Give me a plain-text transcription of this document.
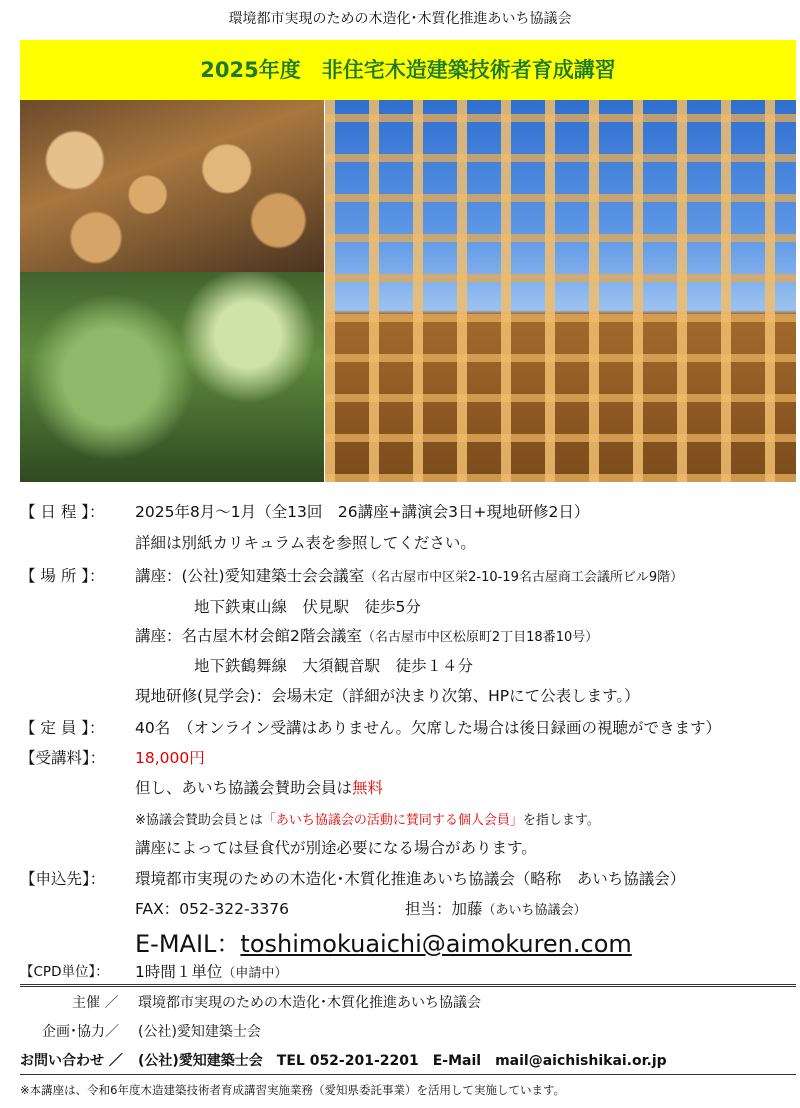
環境都市実現のための木造化･木質化推進あいち協議会
2025年度　非住宅木造建築技術者育成講習
【 日 程 】：	2025年8月～1月（全13回　26講座+講演会3日+現地研修2日）
詳細は別紙カリキュラム表を参照してください。
【 場 所 】：	講座：(公社)愛知建築士会会議室（名古屋市中区栄2-10-19名古屋商工会議所ビル9階）
地下鉄東山線　伏見駅　徒歩5分
講座：名古屋木材会館2階会議室（名古屋市中区松原町2丁目18番10号）
地下鉄鶴舞線　大須観音駅　徒歩１４分
現地研修(見学会)：会場未定（詳細が決まり次第、HPにて公表します。）
【 定 員 】：	40名　（オンライン受講はありません。欠席した場合は後日録画の視聴ができます）
【受講料】：	18,000円
但し、あいち協議会賛助会員は無料
※協議会賛助会員とは「あいち協議会の活動に賛同する個人会員」を指します。
講座によっては昼食代が別途必要になる場合があります。
【申込先】：	環境都市実現のための木造化･木質化推進あいち協議会（略称　あいち協議会）
FAX：052-322-3376	担当：加藤（あいち協議会）
E-MAIL：toshimokuaichi@aimokuren.com
【CPD単位】：	1時間１単位（申請中）
主催 ／ 環境都市実現のための木造化･木質化推進あいち協議会
企画･協力／ (公社)愛知建築士会
お問い合わせ ／ (公社)愛知建築士会　TEL 052-201-2201　E-Mail　mail@aichishikai.or.jp
※本講座は、令和6年度木造建築技術者育成講習実施業務（愛知県委託事業）を活用して実施しています。
